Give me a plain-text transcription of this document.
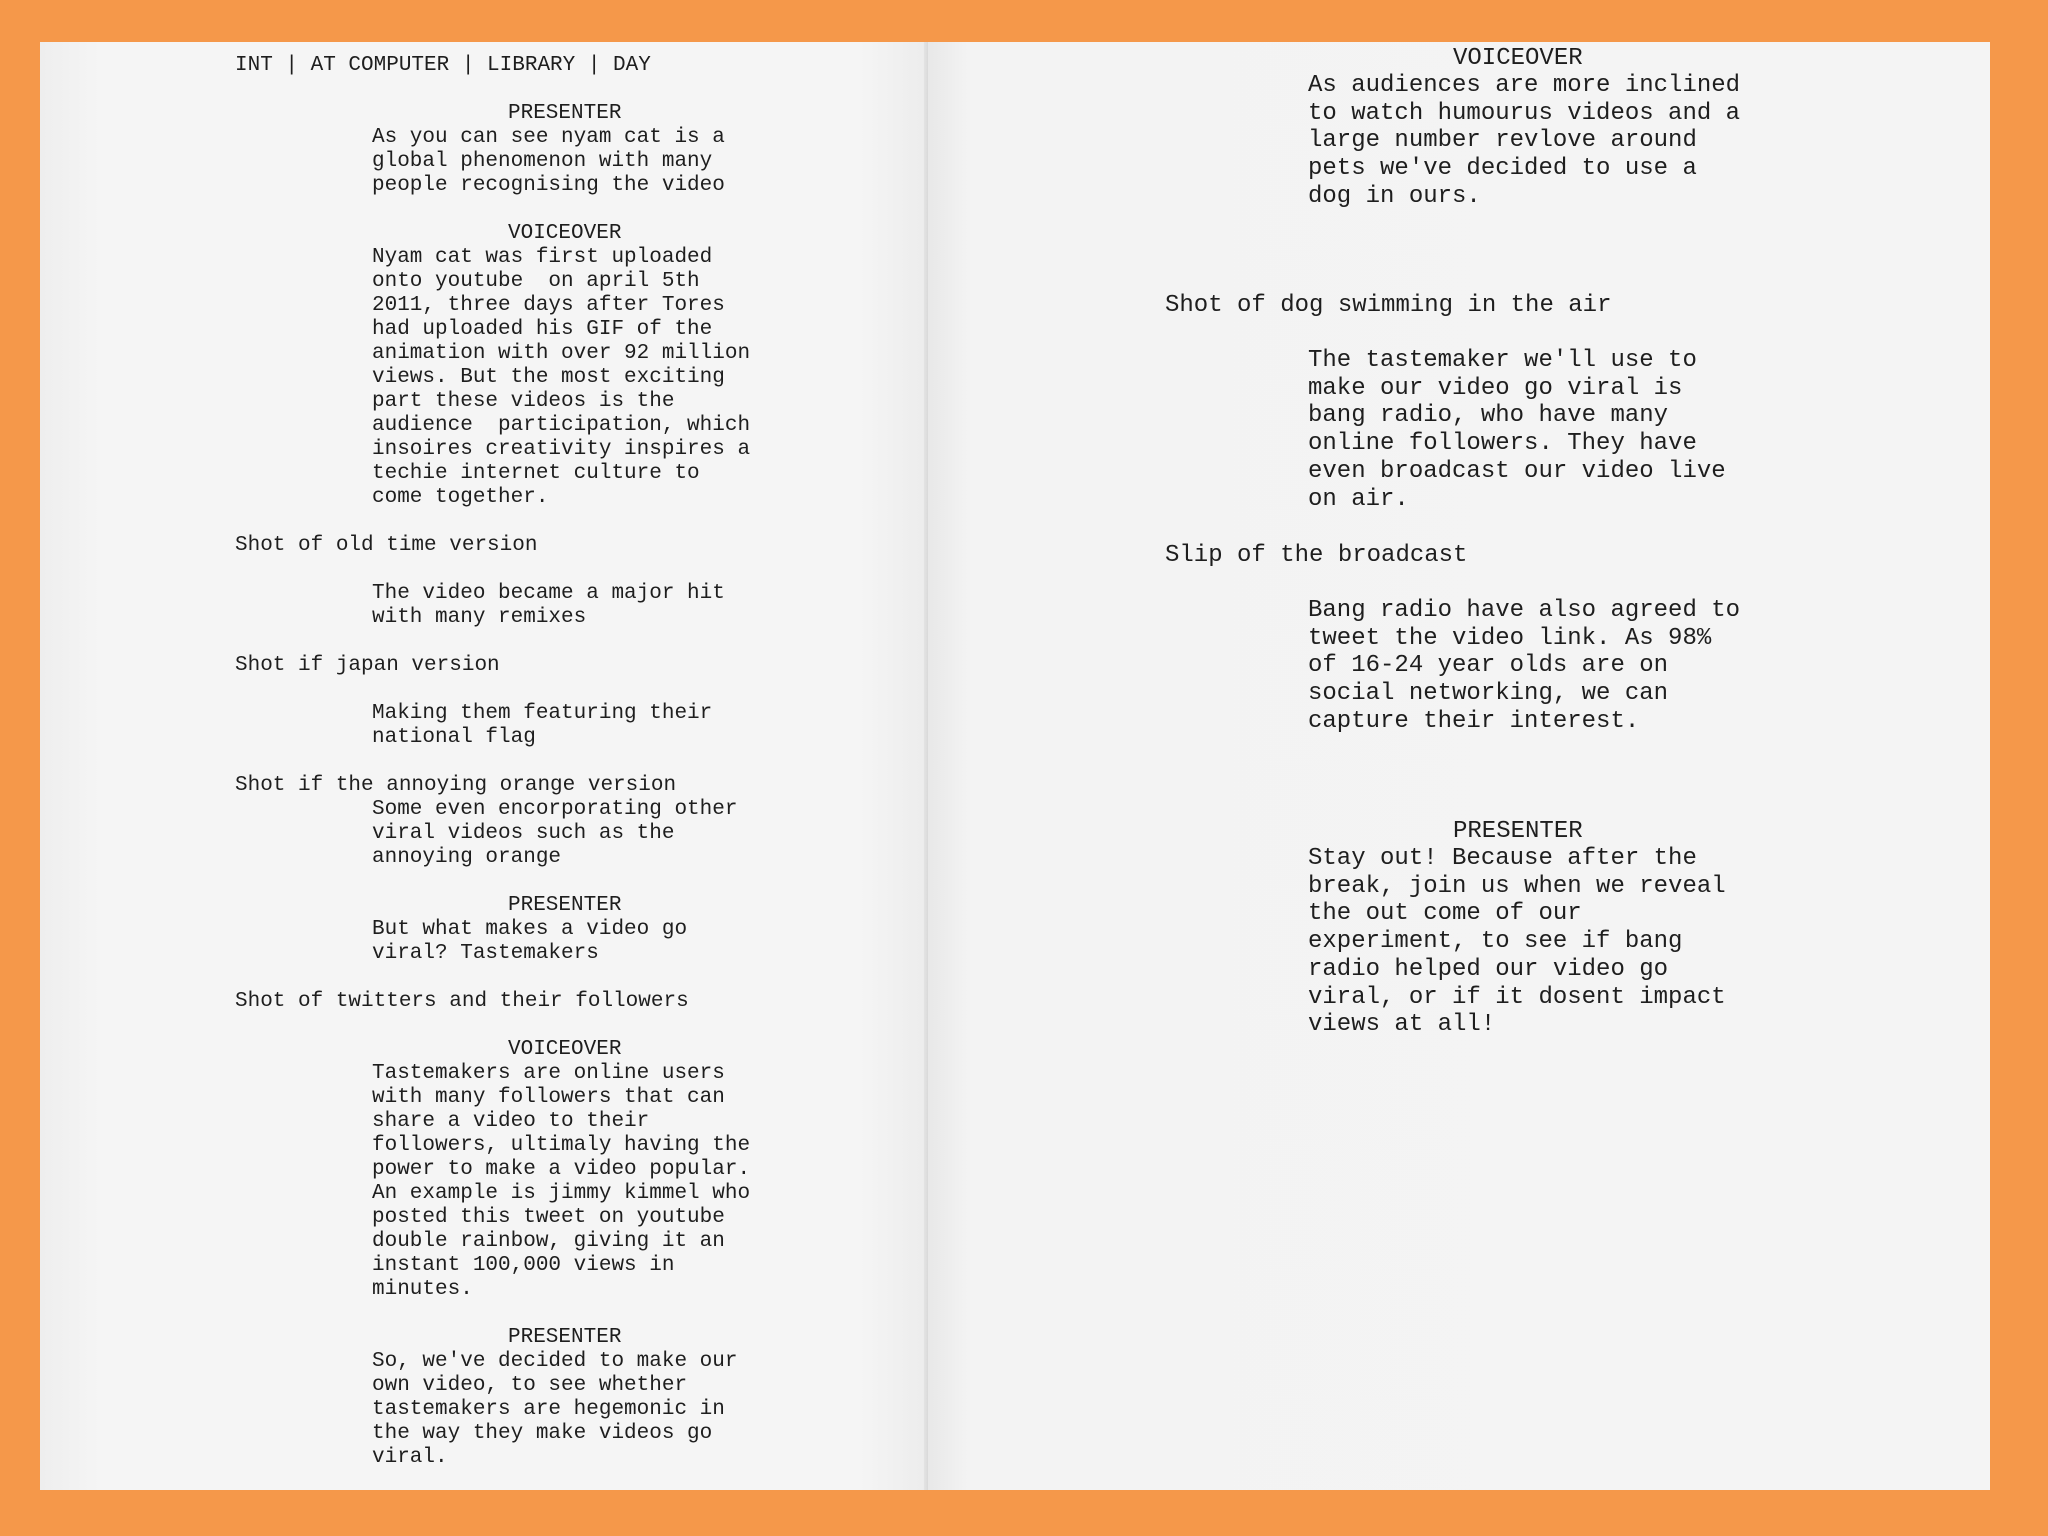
INT | AT COMPUTER | LIBRARY | DAY

PRESENTER

As you can see nyam cat is a
global phenomenon with many
people recognising the video

VOICEOVER

Nyam cat was first uploaded
onto youtube  on april 5th
2011, three days after Tores
had uploaded his GIF of the
animation with over 92 million
views. But the most exciting
part these videos is the
audience  participation, which
insoires creativity inspires a
techie internet culture to
come together.

Shot of old time version

The video became a major hit
with many remixes

Shot if japan version

Making them featuring their
national flag

Shot if the annoying orange version

Some even encorporating other
viral videos such as the
annoying orange

PRESENTER

But what makes a video go
viral? Tastemakers

Shot of twitters and their followers

VOICEOVER

Tastemakers are online users
with many followers that can
share a video to their
followers, ultimaly having the
power to make a video popular.
An example is jimmy kimmel who
posted this tweet on youtube
double rainbow, giving it an
instant 100,000 views in
minutes.

PRESENTER

So, we've decided to make our
own video, to see whether
tastemakers are hegemonic in
the way they make videos go
viral.

VOICEOVER

As audiences are more inclined
to watch humourus videos and a
large number revlove around
pets we've decided to use a
dog in ours.

Shot of dog swimming in the air

The tastemaker we'll use to
make our video go viral is
bang radio, who have many
online followers. They have
even broadcast our video live
on air.

Slip of the broadcast

Bang radio have also agreed to
tweet the video link. As 98%
of 16-24 year olds are on
social networking, we can
capture their interest.

PRESENTER

Stay out! Because after the
break, join us when we reveal
the out come of our
experiment, to see if bang
radio helped our video go
viral, or if it dosent impact
views at all!
